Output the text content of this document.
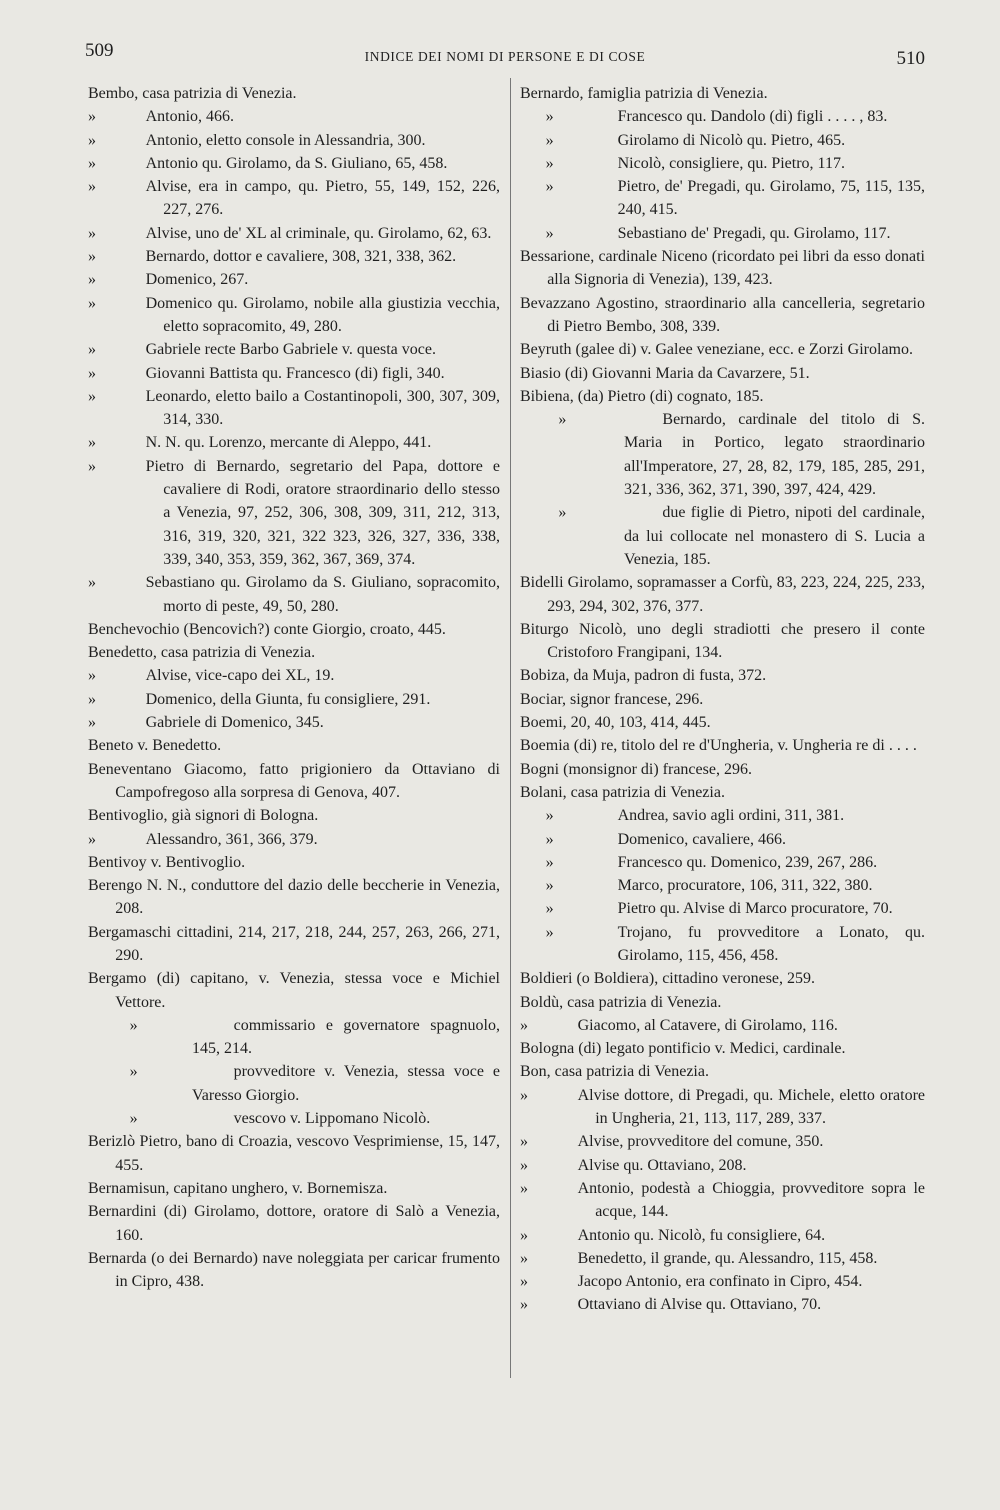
509	INDICE DEI NOMI DI PERSONE E DI COSE	510

Bembo, casa patrizia di Venezia.

»Antonio, 466.

»Antonio, eletto console in Alessandria, 300.

»Antonio qu. Girolamo, da S. Giuliano, 65, 458.

»Alvise, era in campo, qu. Pietro, 55, 149, 152, 226, 227, 276.

»Alvise, uno de' XL al criminale, qu. Girolamo, 62, 63.

»Bernardo, dottor e cavaliere, 308, 321, 338, 362.

»Domenico, 267.

»Domenico qu. Girolamo, nobile alla giustizia vecchia, eletto sopracomito, 49, 280.

»Gabriele recte Barbo Gabriele v. questa voce.

»Giovanni Battista qu. Francesco (di) figli, 340.

»Leonardo, eletto bailo a Costantinopoli, 300, 307, 309, 314, 330.

»N. N. qu. Lorenzo, mercante di Aleppo, 441.

»Pietro di Bernardo, segretario del Papa, dottore e cavaliere di Rodi, oratore straordinario dello stesso a Venezia, 97, 252, 306, 308, 309, 311, 212, 313, 316, 319, 320, 321, 322 323, 326, 327, 336, 338, 339, 340, 353, 359, 362, 367, 369, 374.

»Sebastiano qu. Girolamo da S. Giuliano, sopracomito, morto di peste, 49, 50, 280.

Benchevochio (Bencovich?) conte Giorgio, croato, 445.

Benedetto, casa patrizia di Venezia.

»Alvise, vice-capo dei XL, 19.

»Domenico, della Giunta, fu consigliere, 291.

»Gabriele di Domenico, 345.

Beneto v. Benedetto.

Beneventano Giacomo, fatto prigioniero da Ottaviano di Campofregoso alla sorpresa di Genova, 407.

Bentivoglio, già signori di Bologna.

»Alessandro, 361, 366, 379.

Bentivoy v. Bentivoglio.

Berengo N. N., conduttore del dazio delle beccherie in Venezia, 208.

Bergamaschi cittadini, 214, 217, 218, 244, 257, 263, 266, 271, 290.

Bergamo (di) capitano, v. Venezia, stessa voce e Michiel Vettore.

»commissario e governatore spagnuolo, 145, 214.

»provveditore v. Venezia, stessa voce e Varesso Giorgio.

»vescovo v. Lippomano Nicolò.

Berizlò Pietro, bano di Croazia, vescovo Vesprimiense, 15, 147, 455.

Bernamisun, capitano unghero, v. Bornemisza.

Bernardini (di) Girolamo, dottore, oratore di Salò a Venezia, 160.

Bernarda (o dei Bernardo) nave noleggiata per caricar frumento in Cipro, 438.

Bernardo, famiglia patrizia di Venezia.

»Francesco qu. Dandolo (di) figli . . . . , 83.

»Girolamo di Nicolò qu. Pietro, 465.

»Nicolò, consigliere, qu. Pietro, 117.

»Pietro, de' Pregadi, qu. Girolamo, 75, 115, 135, 240, 415.

»Sebastiano de' Pregadi, qu. Girolamo, 117.

Bessarione, cardinale Niceno (ricordato pei libri da esso donati alla Signoria di Venezia), 139, 423.

Bevazzano Agostino, straordinario alla cancelleria, segretario di Pietro Bembo, 308, 339.

Beyruth (galee di) v. Galee veneziane, ecc. e Zorzi Girolamo.

Biasio (di) Giovanni Maria da Cavarzere, 51.

Bibiena, (da) Pietro (di) cognato, 185.

»Bernardo, cardinale del titolo di S. Maria in Portico, legato straordinario all'Imperatore, 27, 28, 82, 179, 185, 285, 291, 321, 336, 362, 371, 390, 397, 424, 429.

»due figlie di Pietro, nipoti del cardinale, da lui collocate nel monastero di S. Lucia a Venezia, 185.

Bidelli Girolamo, sopramasser a Corfù, 83, 223, 224, 225, 233, 293, 294, 302, 376, 377.

Biturgo Nicolò, uno degli stradiotti che presero il conte Cristoforo Frangipani, 134.

Bobiza, da Muja, padron di fusta, 372.

Bociar, signor francese, 296.

Boemi, 20, 40, 103, 414, 445.

Boemia (di) re, titolo del re d'Ungheria, v. Ungheria re di . . . .

Bogni (monsignor di) francese, 296.

Bolani, casa patrizia di Venezia.

»Andrea, savio agli ordini, 311, 381.

»Domenico, cavaliere, 466.

»Francesco qu. Domenico, 239, 267, 286.

»Marco, procuratore, 106, 311, 322, 380.

»Pietro qu. Alvise di Marco procuratore, 70.

»Trojano, fu provveditore a Lonato, qu. Girolamo, 115, 456, 458.

Boldieri (o Boldiera), cittadino veronese, 259.

Boldù, casa patrizia di Venezia.

»Giacomo, al Catavere, di Girolamo, 116.

Bologna (di) legato pontificio v. Medici, cardinale.

Bon, casa patrizia di Venezia.

»Alvise dottore, di Pregadi, qu. Michele, eletto oratore in Ungheria, 21, 113, 117, 289, 337.

»Alvise, provveditore del comune, 350.

»Alvise qu. Ottaviano, 208.

»Antonio, podestà a Chioggia, provveditore sopra le acque, 144.

»Antonio qu. Nicolò, fu consigliere, 64.

»Benedetto, il grande, qu. Alessandro, 115, 458.

»Jacopo Antonio, era confinato in Cipro, 454.

»Ottaviano di Alvise qu. Ottaviano, 70.
